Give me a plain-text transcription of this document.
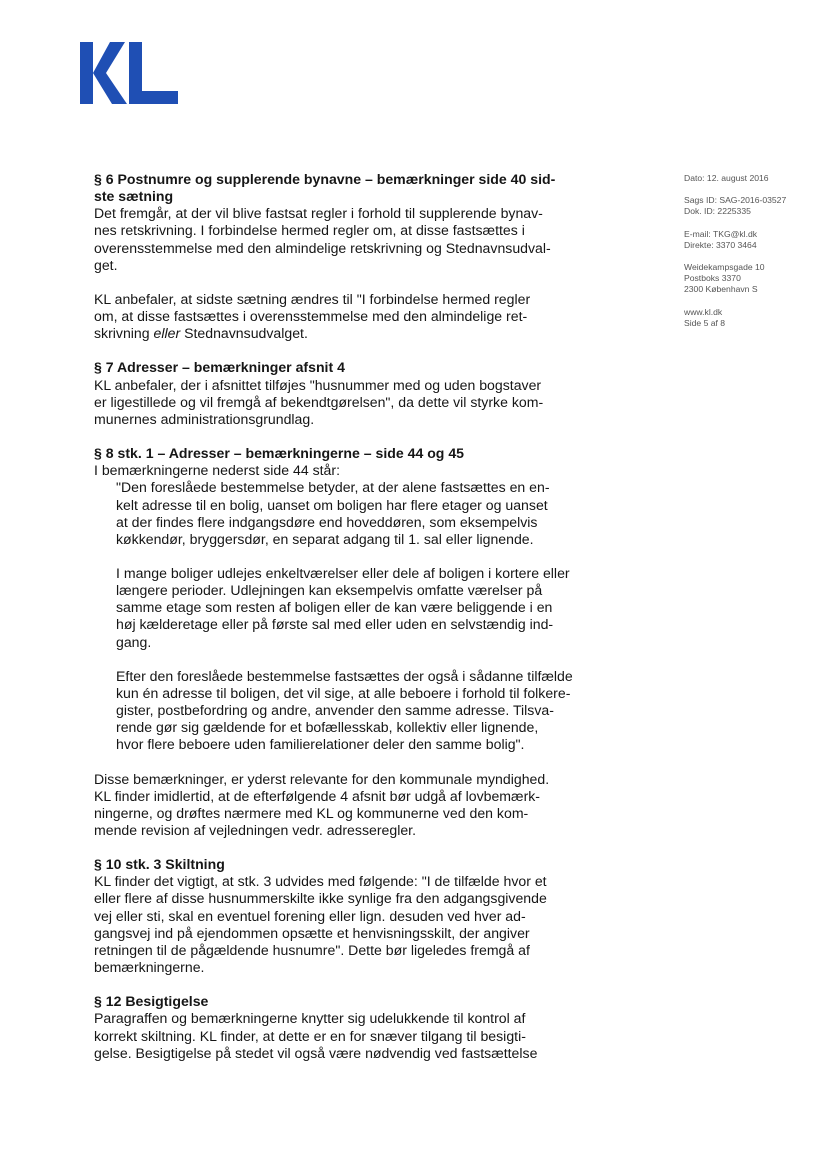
Dato: 12. august 2016
Sags ID: SAG-2016-03527
Dok. ID: 2225335
E-mail: TKG@kl.dk
Direkte: 3370 3464
Weidekampsgade 10
Postboks 3370
2300 København S
www.kl.dk
Side 5 af 8
§ 6 Postnumre og supplerende bynavne – bemærkninger side 40 sid-
ste sætning
Det fremgår, at der vil blive fastsat regler i forhold til supplerende bynav-
nes retskrivning. I forbindelse hermed regler om, at disse fastsættes i
overensstemmelse med den almindelige retskrivning og Stednavnsudval-
get.
KL anbefaler, at sidste sætning ændres til "I forbindelse hermed regler
om, at disse fastsættes i overensstemmelse med den almindelige ret-
skrivning eller Stednavnsudvalget.
§ 7 Adresser – bemærkninger afsnit 4
KL anbefaler, der i afsnittet tilføjes "husnummer med og uden bogstaver
er ligestillede og vil fremgå af bekendtgørelsen", da dette vil styrke kom-
munernes administrationsgrundlag.
§ 8 stk. 1 – Adresser – bemærkningerne – side 44 og 45
I bemærkningerne nederst side 44 står:
"Den foreslåede bestemmelse betyder, at der alene fastsættes en en-
kelt adresse til en bolig, uanset om boligen har flere etager og uanset
at der findes flere indgangsdøre end hoveddøren, som eksempelvis
køkkendør, bryggersdør, en separat adgang til 1. sal eller lignende.
I mange boliger udlejes enkeltværelser eller dele af boligen i kortere eller
længere perioder. Udlejningen kan eksempelvis omfatte værelser på
samme etage som resten af boligen eller de kan være beliggende i en
høj kælderetage eller på første sal med eller uden en selvstændig ind-
gang.
Efter den foreslåede bestemmelse fastsættes der også i sådanne tilfælde
kun én adresse til boligen, det vil sige, at alle beboere i forhold til folkere-
gister, postbefordring og andre, anvender den samme adresse. Tilsva-
rende gør sig gældende for et bofællesskab, kollektiv eller lignende,
hvor flere beboere uden familierelationer deler den samme bolig".
Disse bemærkninger, er yderst relevante for den kommunale myndighed.
KL finder imidlertid, at de efterfølgende 4 afsnit bør udgå af lovbemærk-
ningerne, og drøftes nærmere med KL og kommunerne ved den kom-
mende revision af vejledningen vedr. adresseregler.
§ 10 stk. 3 Skiltning
KL finder det vigtigt, at stk. 3 udvides med følgende: "I de tilfælde hvor et
eller flere af disse husnummerskilte ikke synlige fra den adgangsgivende
vej eller sti, skal en eventuel forening eller lign. desuden ved hver ad-
gangsvej ind på ejendommen opsætte et henvisningsskilt, der angiver
retningen til de pågældende husnumre". Dette bør ligeledes fremgå af
bemærkningerne.
§ 12 Besigtigelse
Paragraffen og bemærkningerne knytter sig udelukkende til kontrol af
korrekt skiltning. KL finder, at dette er en for snæver tilgang til besigti-
gelse. Besigtigelse på stedet vil også være nødvendig ved fastsættelse
